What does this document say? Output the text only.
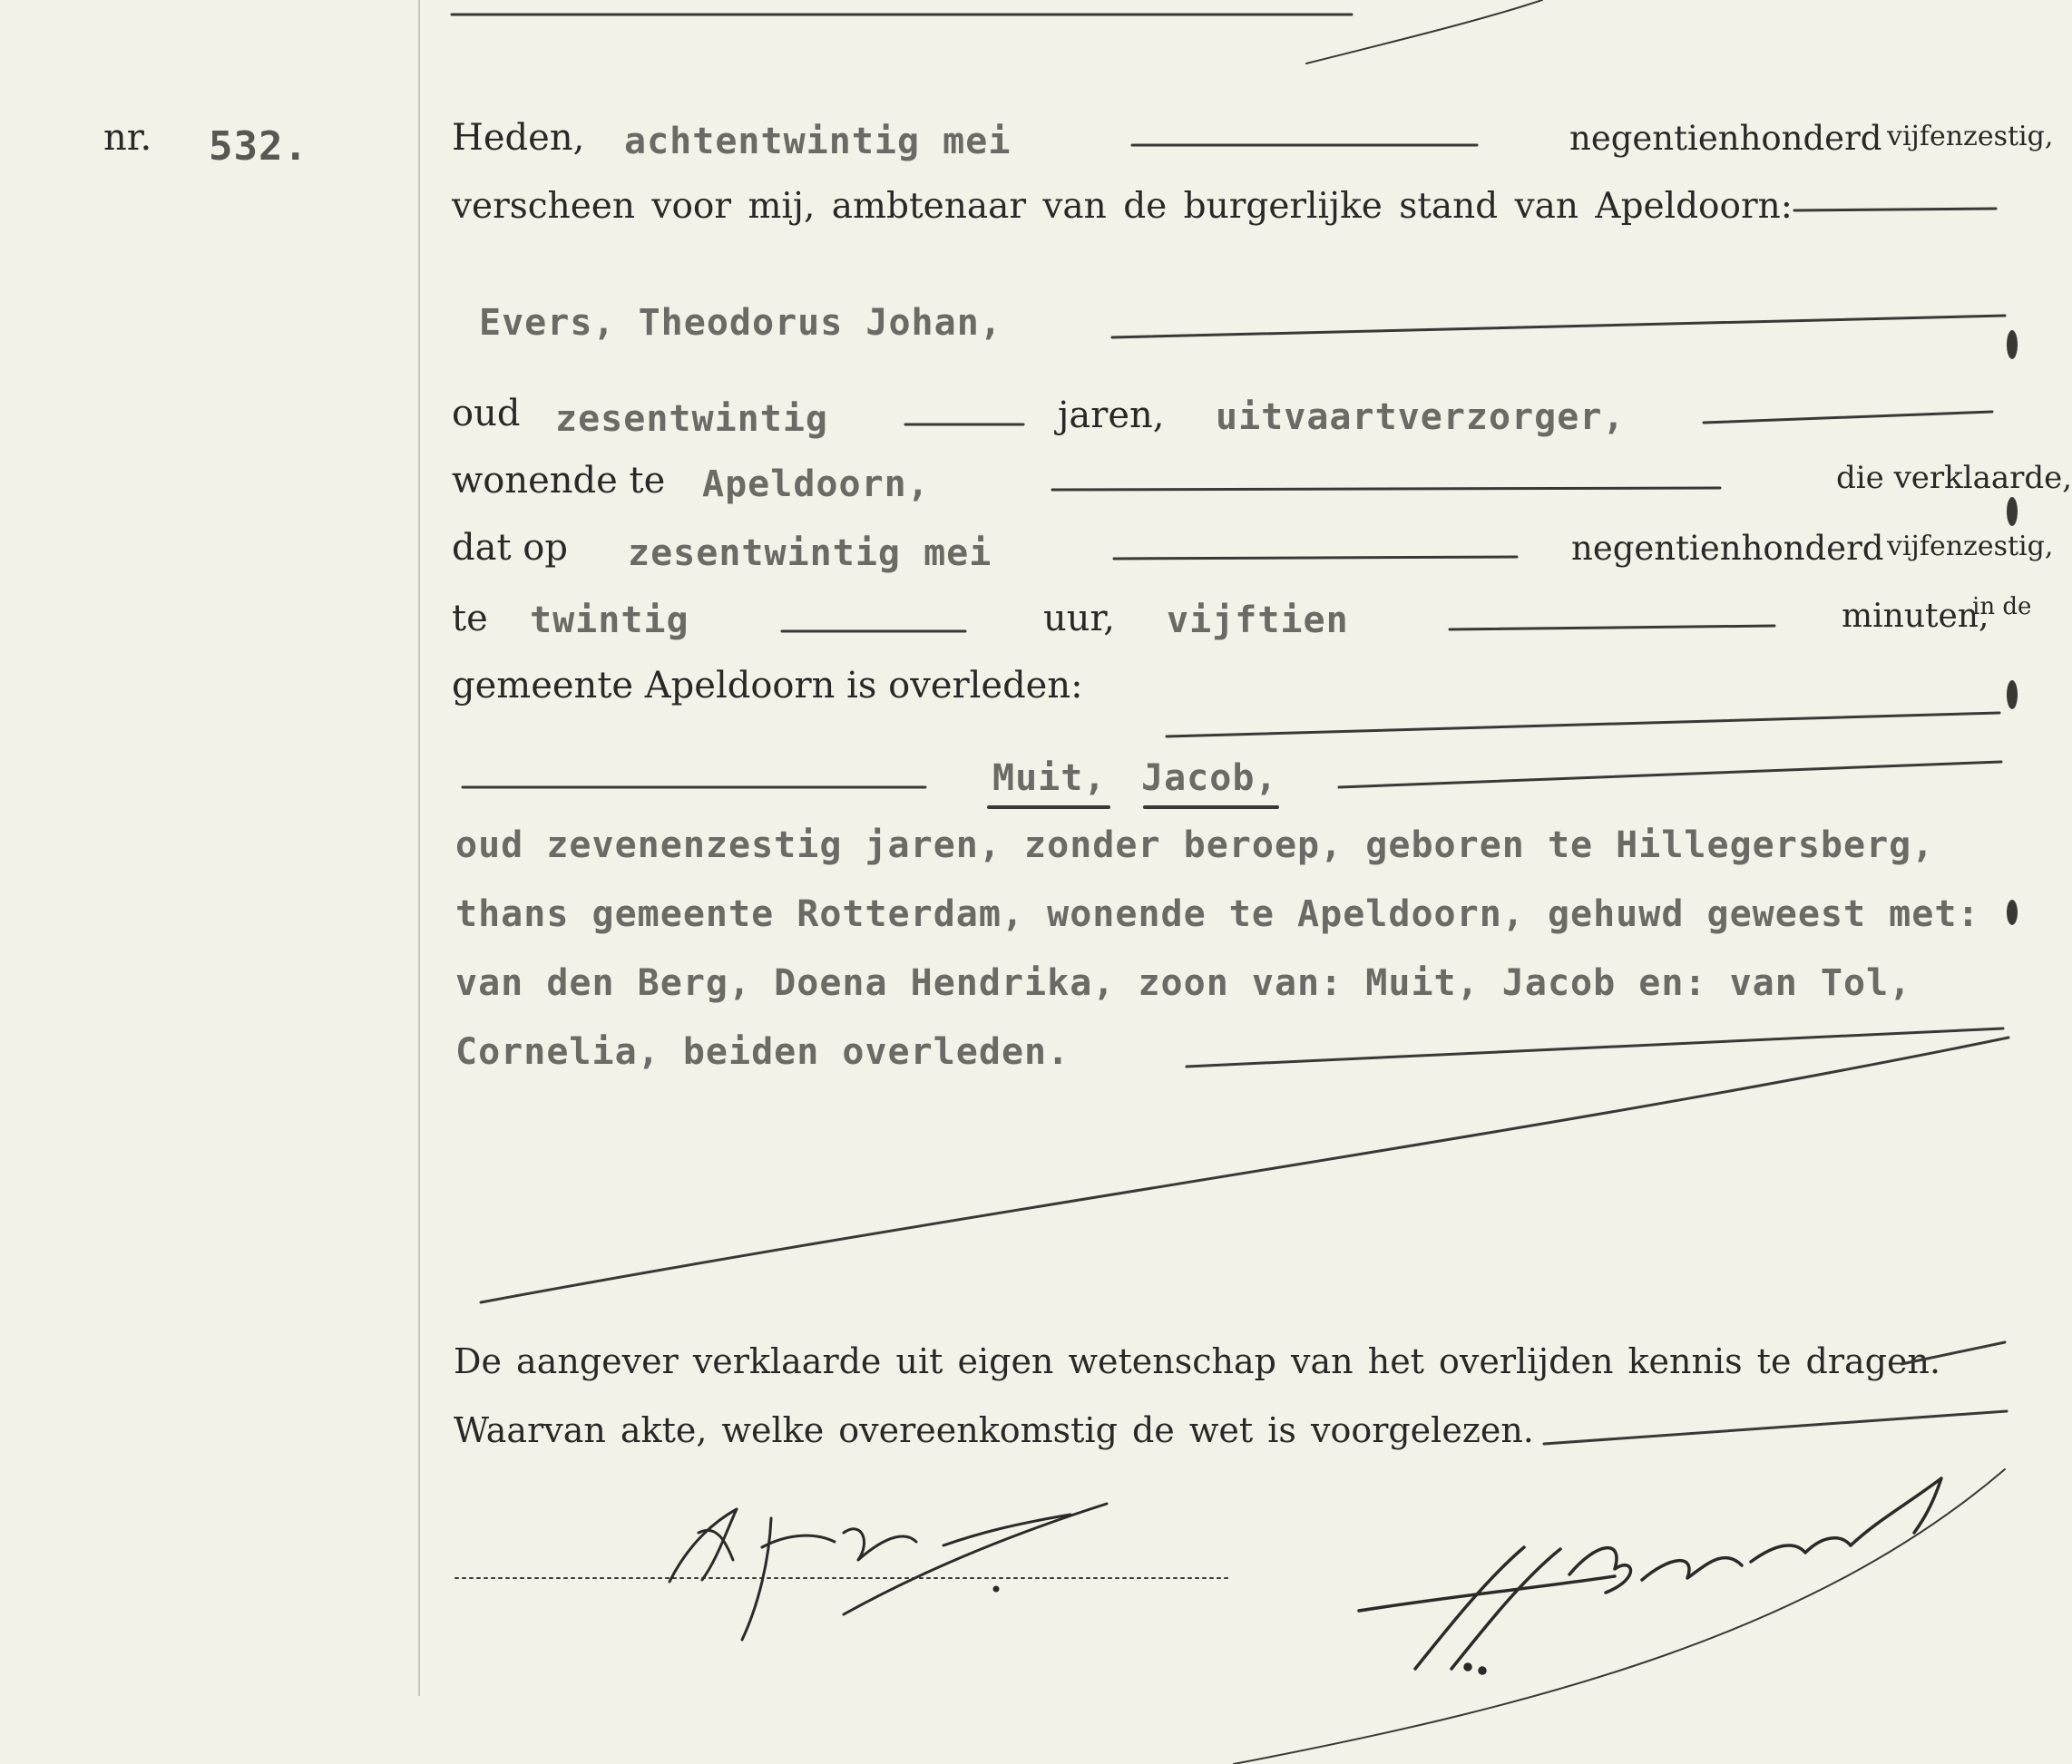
nr. 532.	Heden, achtentwintig mei	negentienhonderd vijfenzestig,
verscheen voor mij, ambtenaar van de burgerlijke stand van Apeldoorn:
Evers, Theodorus Johan,
oud zesentwintig	jaren, uitvaartverzorger,
wonende te Apeldoorn,	die verklaarde,
dat op zesentwintig mei	negentienhonderd vijfenzestig,
te twintig	uur, vijftien	minuten,
in de
gemeente Apeldoorn is overleden:
Muit, Jacob,
oud zevenenzestig jaren, zonder beroep, geboren te Hillegersberg,
thans gemeente Rotterdam, wonende te Apeldoorn, gehuwd geweest met:
van den Berg, Doena Hendrika, zoon van: Muit, Jacob en: van Tol,
Cornelia, beiden overleden.
De aangever verklaarde uit eigen wetenschap van het overlijden kennis te dragen.
Waarvan akte, welke overeenkomstig de wet is voorgelezen.
